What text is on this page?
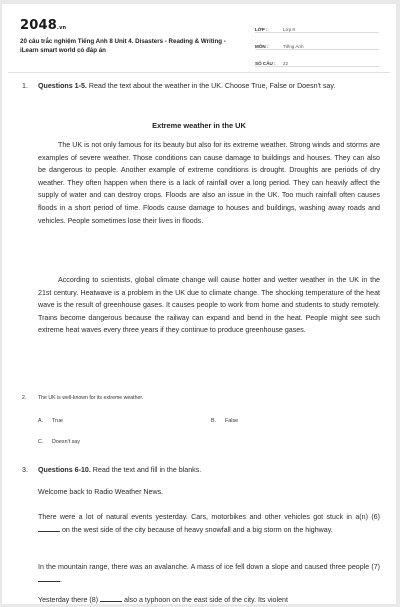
2048.vn
20 câu trắc nghiệm Tiếng Anh 8 Unit 4. Disasters - Reading & Writing - iLearn smart world có đáp án
LỚP :	Lớp 8
MÔN :	Tiếng Anh
SỐ CÂU :	22
1. Questions 1-5. Read the text about the weather in the UK. Choose True, False or Doesn't say.
Extreme weather in the UK

The UK is not only famous for its beauty but also for its extreme weather. Strong winds and storms are examples of severe weather. Those conditions can cause damage to buildings and houses. They can also be dangerous to people. Another example of extreme conditions is drought. Droughts are periods of dry weather. They often happen when there is a lack of rainfall over a long period. They can heavily affect the supply of water and can destroy crops. Floods are also an issue in the UK. Too much rainfall often causes floods in a short period of time. Floods cause damage to houses and buildings, washing away roads and vehicles. People sometimes lose their lives in floods.

According to scientists, global climate change will cause hotter and wetter weather in the UK in the 21st century. Heatwave is a problem in the UK due to climate change. The shocking temperature of the heat wave is the result of greenhouse gases. It causes people to work from home and students to study remotely. Trains become dangerous because the railway can expand and bend in the heat. People might see such extreme heat waves every three years if they continue to produce greenhouse gases.

2. The UK is well-known for its extreme weather.
A. True	B. False
C. Doesn't say
3. Questions 6-10. Read the text and fill in the blanks.

Welcome back to Radio Weather News.

There were a lot of natural events yesterday. Cars, motorbikes and other vehicles got stuck in a(n) (6)  on the west side of the city because of heavy snowfall and a big storm on the highway.

In the mountain range, there was an avalanche. A mass of ice fell down a slope and caused three people (7) .

Yesterday there (8)	also a typhoon on the east side of the city. Its violent
